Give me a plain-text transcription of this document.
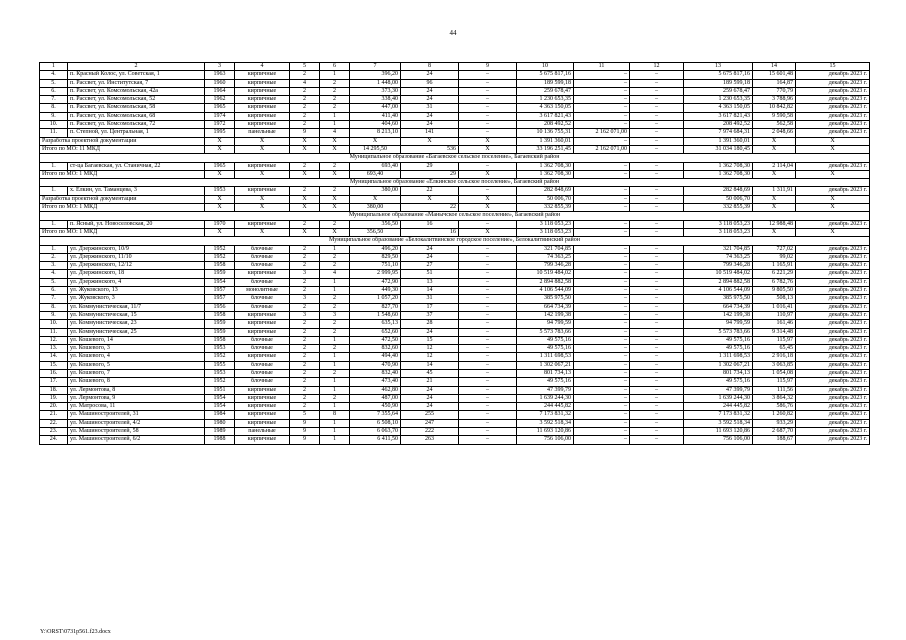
44
1	2	3	4	5	6	7	8	9	10	11	12	13	14	15
4.	п. Красный Колос, ул. Советская, 1	1963	кирпичные	2	1	396,20	24	–	5 675 817,16	–	–	5 675 817,16	15 601,48	декабрь 2023 г.
5.	п. Рассвет, ул. Институтская, 7	1960	кирпичные	4	2	1 448,00	96	–	189 599,18	–	–	189 599,18	164,87	декабрь 2023 г.
6.	п. Рассвет, ул. Комсомольская, 42а	1964	кирпичные	2	2	373,30	24	–	259 678,47	–	–	259 678,47	770,79	декабрь 2023 г.
7.	п. Рассвет, ул. Комсомольская, 52	1962	кирпичные	2	2	338,40	24	–	1 230 653,35	–	–	1 230 653,35	3 788,96	декабрь 2023 г.
8.	п. Рассвет, ул. Комсомольская, 58	1965	кирпичные	2	2	447,00	31	–	4 363 150,05	–	–	4 363 150,05	10 842,82	декабрь 2023 г.
9.	п. Рассвет, ул. Комсомольская, 68	1974	кирпичные	2	1	411,40	24	–	3 617 821,43	–	–	3 617 821,43	9 590,58	декабрь 2023 г.
10.	п. Рассвет, ул. Комсомольская, 72	1972	кирпичные	2	1	404,60	24	–	208 492,52	–	–	208 492,52	562,58	декабрь 2023 г.
11.	п. Степной, ул. Центральная, 1	1995	панельные	9	4	8 213,10	141	–	10 136 755,31	2 162 071,00	–	7 974 684,31	2 048,66	декабрь 2023 г.
Разработка проектной документации		Х	Х	Х	Х	Х	Х	Х	1 391 360,01	–	–	1 391 360,01	Х	Х
Итого по МО: 11 МКД		Х	Х	Х	Х	14 295,50	536	Х	33 196 251,45	2 162 071,00	–	31 034 180,45	Х	Х
Муниципальное образование «Багаевское сельское поселение», Багаевский район														
1.	ст-ца Багаевская, ул. Станичная, 22	1965	кирпичные	2	2	693,40	29	–	1 362 708,30	–	–	1 362 708,30	2 114,04	декабрь 2023 г.
Итого по МО: 1 МКД		Х	Х	Х	Х	693,40	29	Х	1 362 708,30	–	–	1 362 708,30	Х	Х
Муниципальное образование «Елкинское сельское поселение», Багаевский район														
1.	х. Елкин, ул. Таманцева, 3	1953	кирпичные	2	2	380,00	22	–	282 848,69	–	–	282 848,69	1 311,91	декабрь 2023 г.
Разработка проектной документации		Х	Х	Х	Х	Х	Х	Х	50 006,70	–	–	50 006,70	Х	Х
Итого по МО: 1 МКД		Х	Х	Х	Х	380,00	22	Х	332 855,39	–	–	332 855,39	Х	Х
Муниципальное образование «Манычское сельское поселение», Багаевский район														
1.	п. Ясный, ул. Новоселовская, 20	1970	кирпичные	2	2	356,50	16	–	3 118 053,23	–	–	3 118 053,23	12 988,48	декабрь 2023 г.
Итого по МО: 1 МКД		Х	Х	Х	Х	356,50	16	Х	3 118 053,23	–	–	3 118 053,23	Х	Х
Муниципальное образование «Белокалитвинское городское поселение», Белокалитвинский район														
1.	ул. Дзержинского, 10/9	1952	блочные	2	1	496,20	24	–	321 704,85	–	–	321 704,85	727,02	декабрь 2023 г.
2.	ул. Дзержинского, 11/10	1952	блочные	2	2	829,50	24	–	74 363,25	–	–	74 363,25	99,02	декабрь 2023 г.
3.	ул. Дзержинского, 12/12	1958	блочные	2	2	751,10	27	–	799 346,28	–	–	799 346,28	1 165,91	декабрь 2023 г.
4.	ул. Дзержинского, 18	1959	кирпичные	3	4	2 999,95	51	–	10 519 484,02	–	–	10 519 484,02	6 221,29	декабрь 2023 г.
5.	ул. Дзержинского, 4	1954	блочные	2	1	472,90	13	–	2 894 882,58	–	–	2 894 882,58	6 782,76	декабрь 2023 г.
6.	ул. Жуковского, 13	1957	монолитные	2	1	449,30	14	–	4 106 544,09	–	–	4 106 544,09	9 805,50	декабрь 2023 г.
7.	ул. Жуковского, 3	1957	блочные	3	2	1 057,20	31	–	385 975,50	–	–	385 975,50	508,13	декабрь 2023 г.
8.	ул. Коммунистическая, 11/7	1956	блочные	2	2	827,70	17	–	664 734,39	–	–	664 734,39	1 016,41	декабрь 2023 г.
9.	ул. Коммунистическая, 15	1958	кирпичные	3	3	1 548,60	37	–	142 199,38	–	–	142 199,38	110,97	декабрь 2023 г.
10.	ул. Коммунистическая, 23	1959	кирпичные	2	2	635,13	28	–	94 799,59	–	–	94 799,59	161,46	декабрь 2023 г.
11.	ул. Коммунистическая, 25	1959	кирпичные	2	2	652,60	24	–	5 573 783,66	–	–	5 573 783,66	9 314,48	декабрь 2023 г.
12.	ул. Кошевого, 14	1958	блочные	2	1	472,50	15	–	49 575,16	–	–	49 575,16	115,97	декабрь 2023 г.
13.	ул. Кошевого, 3	1953	блочные	2	2	832,60	12	–	49 575,16	–	–	49 575,16	65,45	декабрь 2023 г.
14.	ул. Кошевого, 4	1952	кирпичные	2	1	494,40	12	–	1 311 698,53	–	–	1 311 698,53	2 916,18	декабрь 2023 г.
15.	ул. Кошевого, 5	1955	блочные	2	1	470,90	14	–	1 302 067,21	–	–	1 302 067,21	3 063,85	декабрь 2023 г.
16.	ул. Кошевого, 7	1953	блочные	2	2	832,40	45	–	801 734,13	–	–	801 734,13	1 054,08	декабрь 2023 г.
17.	ул. Кошевого, 8	1952	блочные	2	1	473,40	21	–	49 575,16	–	–	49 575,16	115,97	декабрь 2023 г.
18.	ул. Лермонтова, 8	1951	кирпичные	2	1	462,80	24	–	47 399,79	–	–	47 399,79	111,56	декабрь 2023 г.
19.	ул. Лермонтова, 9	1954	кирпичные	2	2	487,00	24	–	1 639 244,30	–	–	1 639 244,30	3 864,32	декабрь 2023 г.
20.	ул. Матросова, 11	1954	кирпичные	2	1	450,90	24	–	244 445,82	–	–	244 445,82	586,76	декабрь 2023 г.
21.	ул. Машиностроителей, 31	1984	кирпичные	5	8	7 355,64	255	–	7 173 831,32	–	–	7 173 831,32	1 260,82	декабрь 2023 г.
22.	ул. Машиностроителей, 4/2	1980	кирпичные	9	1	6 508,10	247	–	3 592 518,34	–	–	3 592 518,34	933,29	декабрь 2023 г.
23.	ул. Машиностроителей, 58	1989	панельные	9	1	6 063,70	222	–	11 693 120,86	–	–	11 693 120,86	2 687,70	декабрь 2023 г.
24.	ул. Машиностроителей, 6/2	1988	кирпичные	9	1	6 411,50	263	–	756 106,00	–	–	756 106,00	188,67	декабрь 2023 г.
Y:\ORST\0731p561.f23.docx
